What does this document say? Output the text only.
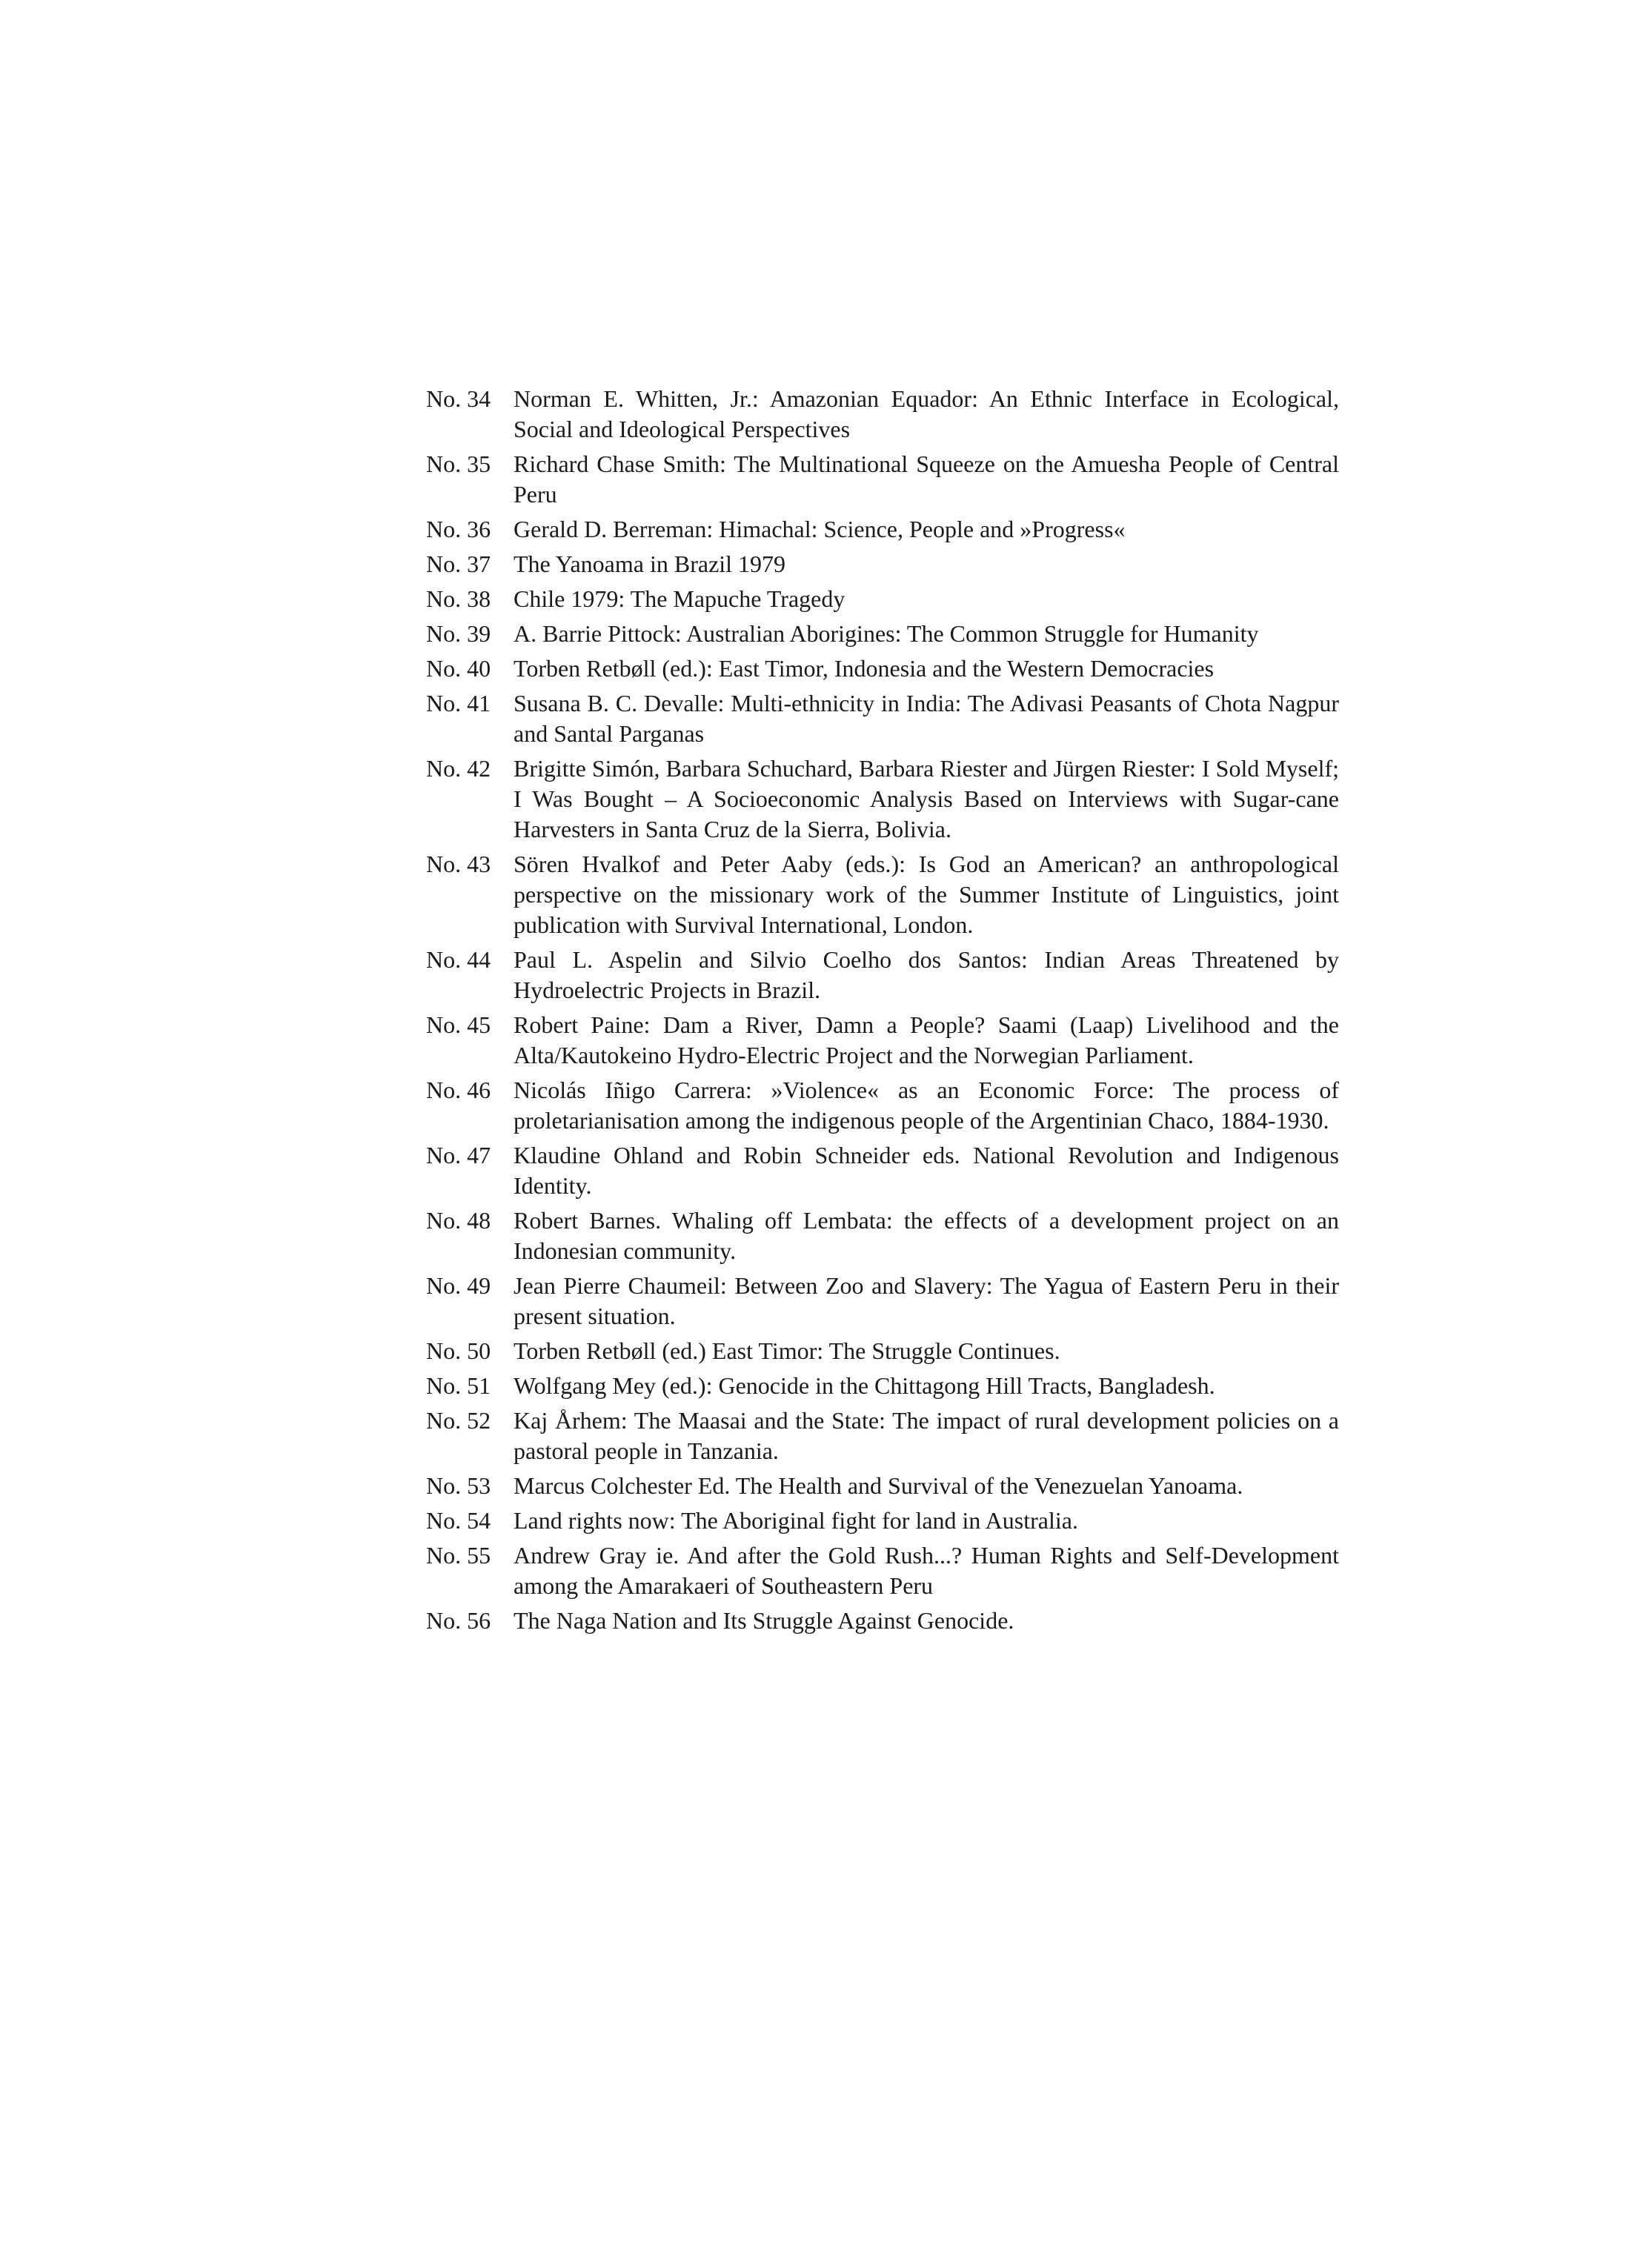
No. 34 Norman E. Whitten, Jr.: Amazonian Equador: An Ethnic Interface in Ecological, Social and Ideological Perspectives
No. 35 Richard Chase Smith: The Multinational Squeeze on the Amuesha People of Central Peru
No. 36 Gerald D. Berreman: Himachal: Science, People and »Progress«
No. 37 The Yanoama in Brazil 1979
No. 38 Chile 1979: The Mapuche Tragedy
No. 39 A. Barrie Pittock: Australian Aborigines: The Common Struggle for Humanity
No. 40 Torben Retbøll (ed.): East Timor, Indonesia and the Western Democracies
No. 41 Susana B. C. Devalle: Multi-ethnicity in India: The Adivasi Peasants of Chota Nagpur and Santal Parganas
No. 42 Brigitte Simón, Barbara Schuchard, Barbara Riester and Jürgen Riester: I Sold Myself; I Was Bought – A Socioeconomic Analysis Based on Interviews with Sugar-cane Harvesters in Santa Cruz de la Sierra, Bolivia.
No. 43 Sören Hvalkof and Peter Aaby (eds.): Is God an American? an anthropological perspective on the missionary work of the Summer Institute of Linguistics, joint publication with Survival International, London.
No. 44 Paul L. Aspelin and Silvio Coelho dos Santos: Indian Areas Threatened by Hydroelectric Projects in Brazil.
No. 45 Robert Paine: Dam a River, Damn a People? Saami (Laap) Livelihood and the Alta/Kautokeino Hydro-Electric Project and the Norwegian Parliament.
No. 46 Nicolás Iñigo Carrera: »Violence« as an Economic Force: The process of proletarianisation among the indigenous people of the Argentinian Chaco, 1884-1930.
No. 47 Klaudine Ohland and Robin Schneider eds. National Revolution and Indigenous Identity.
No. 48 Robert Barnes. Whaling off Lembata: the effects of a development project on an Indonesian community.
No. 49 Jean Pierre Chaumeil: Between Zoo and Slavery: The Yagua of Eastern Peru in their present situation.
No. 50 Torben Retbøll (ed.) East Timor: The Struggle Continues.
No. 51 Wolfgang Mey (ed.): Genocide in the Chittagong Hill Tracts, Bangladesh.
No. 52 Kaj Århem: The Maasai and the State: The impact of rural development policies on a pastoral people in Tanzania.
No. 53 Marcus Colchester Ed. The Health and Survival of the Venezuelan Yanoama.
No. 54 Land rights now: The Aboriginal fight for land in Australia.
No. 55 Andrew Gray ie. And after the Gold Rush...? Human Rights and Self-Development among the Amarakaeri of Southeastern Peru
No. 56 The Naga Nation and Its Struggle Against Genocide.
